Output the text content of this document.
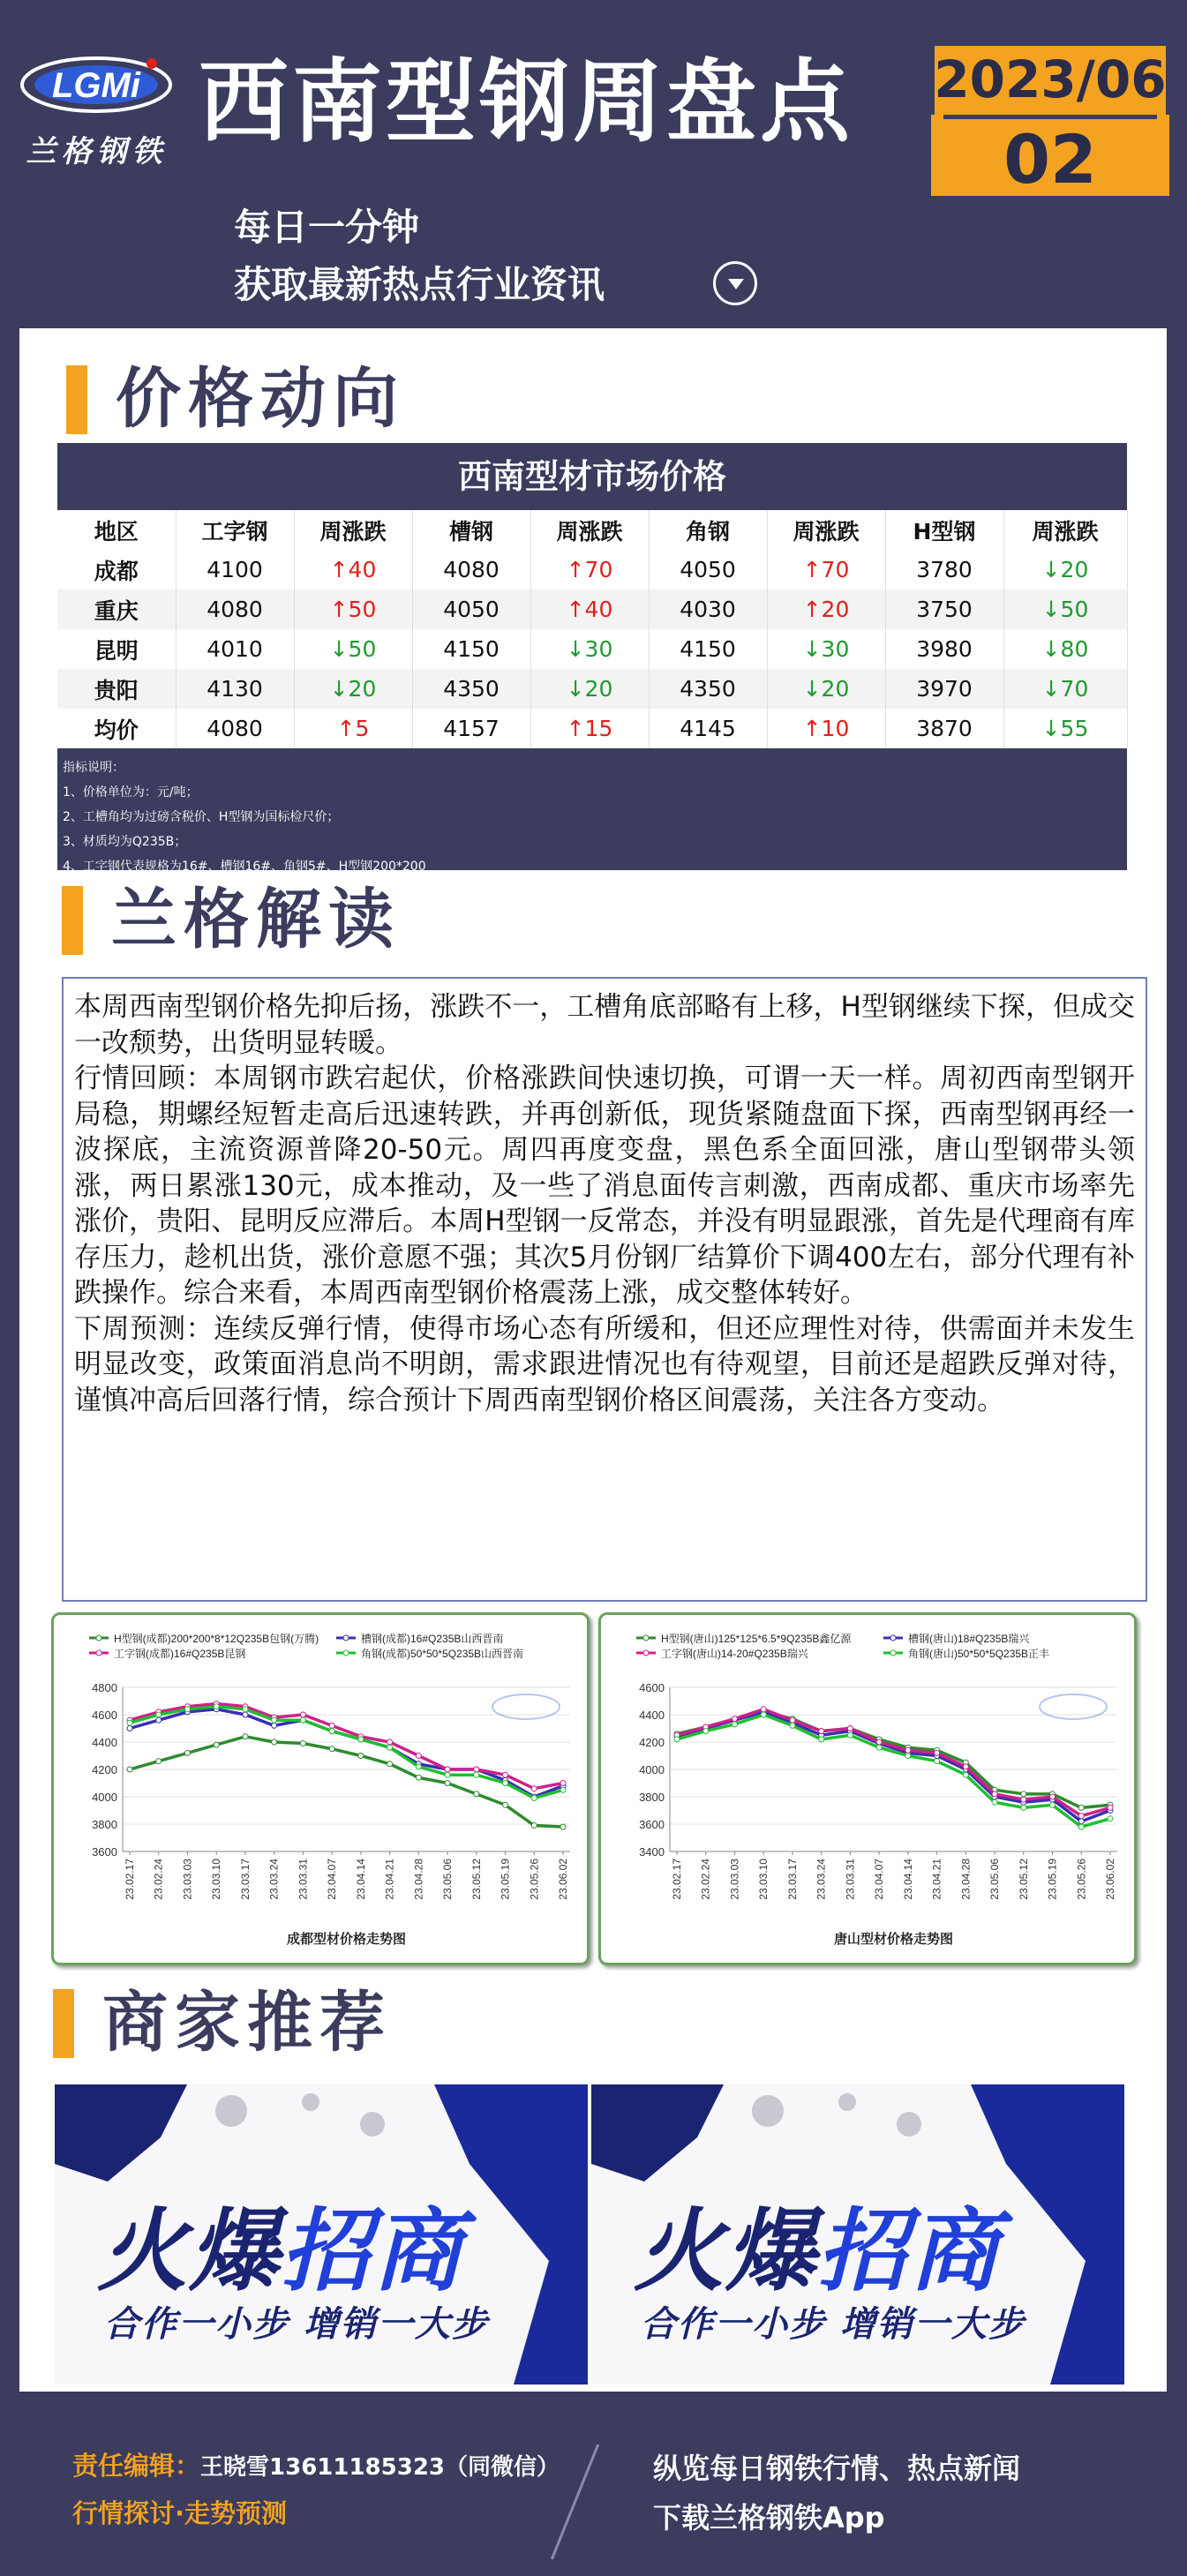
LGMi
兰格钢铁 西南型钢周盘点 2023/06
02
每日一分钟
获取最新热点行业资讯
价格动向
西南型材市场价格
地区	工字钢	周涨跌	槽钢	周涨跌	角钢	周涨跌	H型钢	周涨跌
成都	4100	↑40	4080	↑70	4050	↑70	3780	↓20
重庆	4080	↑50	4050	↑40	4030	↑20	3750	↓50
昆明	4010	↓50	4150	↓30	4150	↓30	3980	↓80
贵阳	4130	↓20	4350	↓20	4350	↓20	3970	↓70
均价	4080	↑5	4157	↑15	4145	↑10	3870	↓55
指标说明：
1、价格单位为：元/吨；
2、工槽角均为过磅含税价、H型钢为国标检尺价；
3、材质均为Q235B；
4、工字钢代表规格为16#、槽钢16#、角钢5#、H型钢200*200
兰格解读

本周西南型钢价格先抑后扬，涨跌不一，工槽角底部略有上移，H型钢继续下探，但成交一改颓势，出货明显转暖。

行情回顾：本周钢市跌宕起伏，价格涨跌间快速切换，可谓一天一样。周初西南型钢开局稳，期螺经短暂走高后迅速转跌，并再创新低，现货紧随盘面下探，西南型钢再经一波探底，主流资源普降20-50元。周四再度变盘，黑色系全面回涨，唐山型钢带头领涨，两日累涨130元，成本推动，及一些了消息面传言刺激，西南成都、重庆市场率先涨价，贵阳、昆明反应滞后。本周H型钢一反常态，并没有明显跟涨，首先是代理商有库存压力，趁机出货，涨价意愿不强；其次5月份钢厂结算价下调400左右，部分代理有补跌操作。综合来看，本周西南型钢价格震荡上涨，成交整体转好。

下周预测：连续反弹行情，使得市场心态有所缓和，但还应理性对待，供需面并未发生明显改变，政策面消息尚不明朗，需求跟进情况也有待观望，目前还是超跌反弹对待，谨慎冲高后回落行情，综合预计下周西南型钢价格区间震荡，关注各方变动。

H型钢(成都)200*200*8*12Q235B包钢(万腾)	槽钢(成都)16#Q235B山西晋南
工字钢(成都)16#Q235B昆钢	角钢(成都)50*50*5Q235B山西晋南
3600
3800
4000
4200
4400
4600
4800
23.02.17 23.02.24 23.03.03 23.03.10 23.03.17 23.03.24 23.03.31 23.04.07 23.04.14 23.04.21 23.04.28 23.05.06 23.05.12 23.05.19 23.05.26 23.06.02
成都型材价格走势图
H型钢(唐山)125*125*6.5*9Q235B鑫亿源	槽钢(唐山)18#Q235B瑞兴
工字钢(唐山)14-20#Q235B瑞兴	角钢(唐山)50*50*5Q235B正丰
3400
3600
3800
4000
4200
4400
4600
23.02.17 23.02.24 23.03.03 23.03.10 23.03.17 23.03.24 23.03.31 23.04.07 23.04.14 23.04.21 23.04.28 23.05.06 23.05.12 23.05.19 23.05.26 23.06.02
唐山型材价格走势图
商家推荐
火爆招商
合作一小步 增销一大步
火爆招商
合作一小步 增销一大步
责任编辑：王晓雪13611185323（同微信）
行情探讨·走势预测
纵览每日钢铁行情、热点新闻
下载兰格钢铁App
